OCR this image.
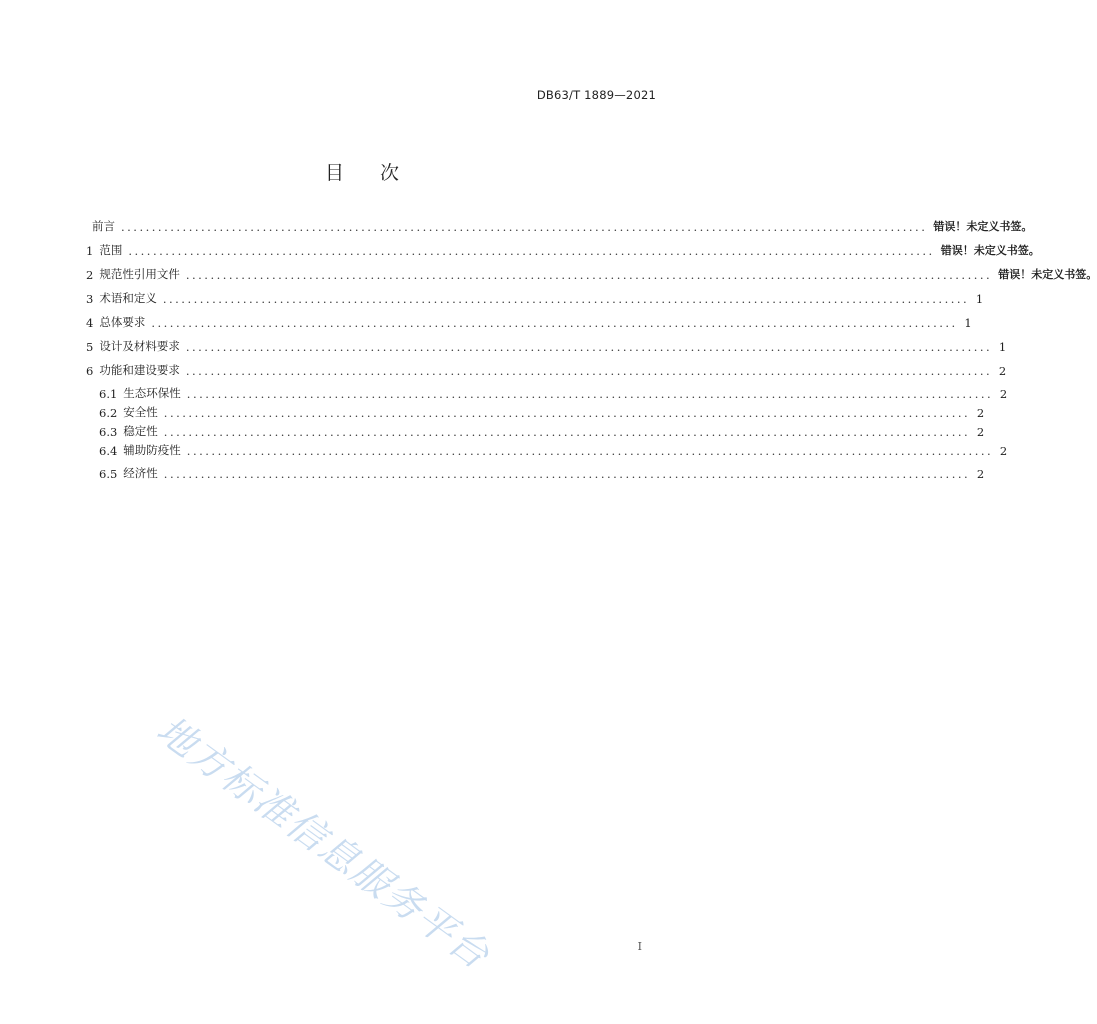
DB63/T 1889—2021
目 次
前言 ................................................................................................................................... 错误！未定义书签。
1 范围 ................................................................................................................................... 错误！未定义书签。
2 规范性引用文件 ................................................................................................................................... 错误！未定义书签。
3 术语和定义 ................................................................................................................................... 1
4 总体要求 ................................................................................................................................... 1
5 设计及材料要求 ................................................................................................................................... 1
6 功能和建设要求 ................................................................................................................................... 2
6.1 生态环保性 ................................................................................................................................... 2
6.2 安全性 ................................................................................................................................... 2
6.3 稳定性 ................................................................................................................................... 2
6.4 辅助防疫性 ................................................................................................................................... 2
6.5 经济性 ................................................................................................................................... 2
地方标准信息服务平台	I
